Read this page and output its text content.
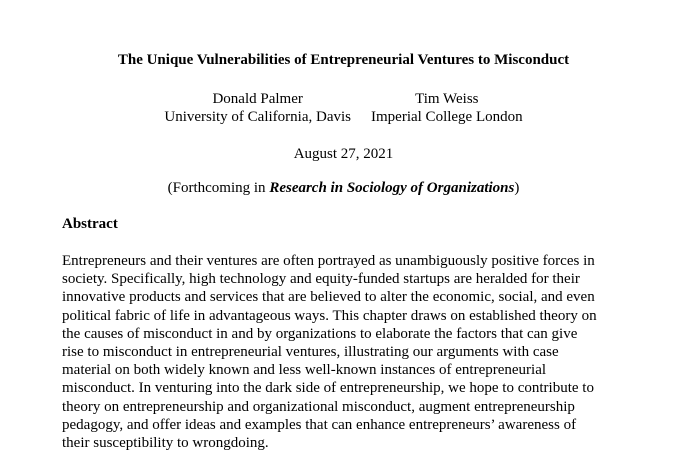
The Unique Vulnerabilities of Entrepreneurial Ventures to Misconduct
Donald Palmer
University of California, Davis
Tim Weiss
Imperial College London
August 27, 2021
(Forthcoming in Research in Sociology of Organizations)
Abstract
Entrepreneurs and their ventures are often portrayed as unambiguously positive forces in
society. Specifically, high technology and equity-funded startups are heralded for their
innovative products and services that are believed to alter the economic, social, and even
political fabric of life in advantageous ways. This chapter draws on established theory on
the causes of misconduct in and by organizations to elaborate the factors that can give
rise to misconduct in entrepreneurial ventures, illustrating our arguments with case
material on both widely known and less well-known instances of entrepreneurial
misconduct. In venturing into the dark side of entrepreneurship, we hope to contribute to
theory on entrepreneurship and organizational misconduct, augment entrepreneurship
pedagogy, and offer ideas and examples that can enhance entrepreneurs’ awareness of
their susceptibility to wrongdoing.
